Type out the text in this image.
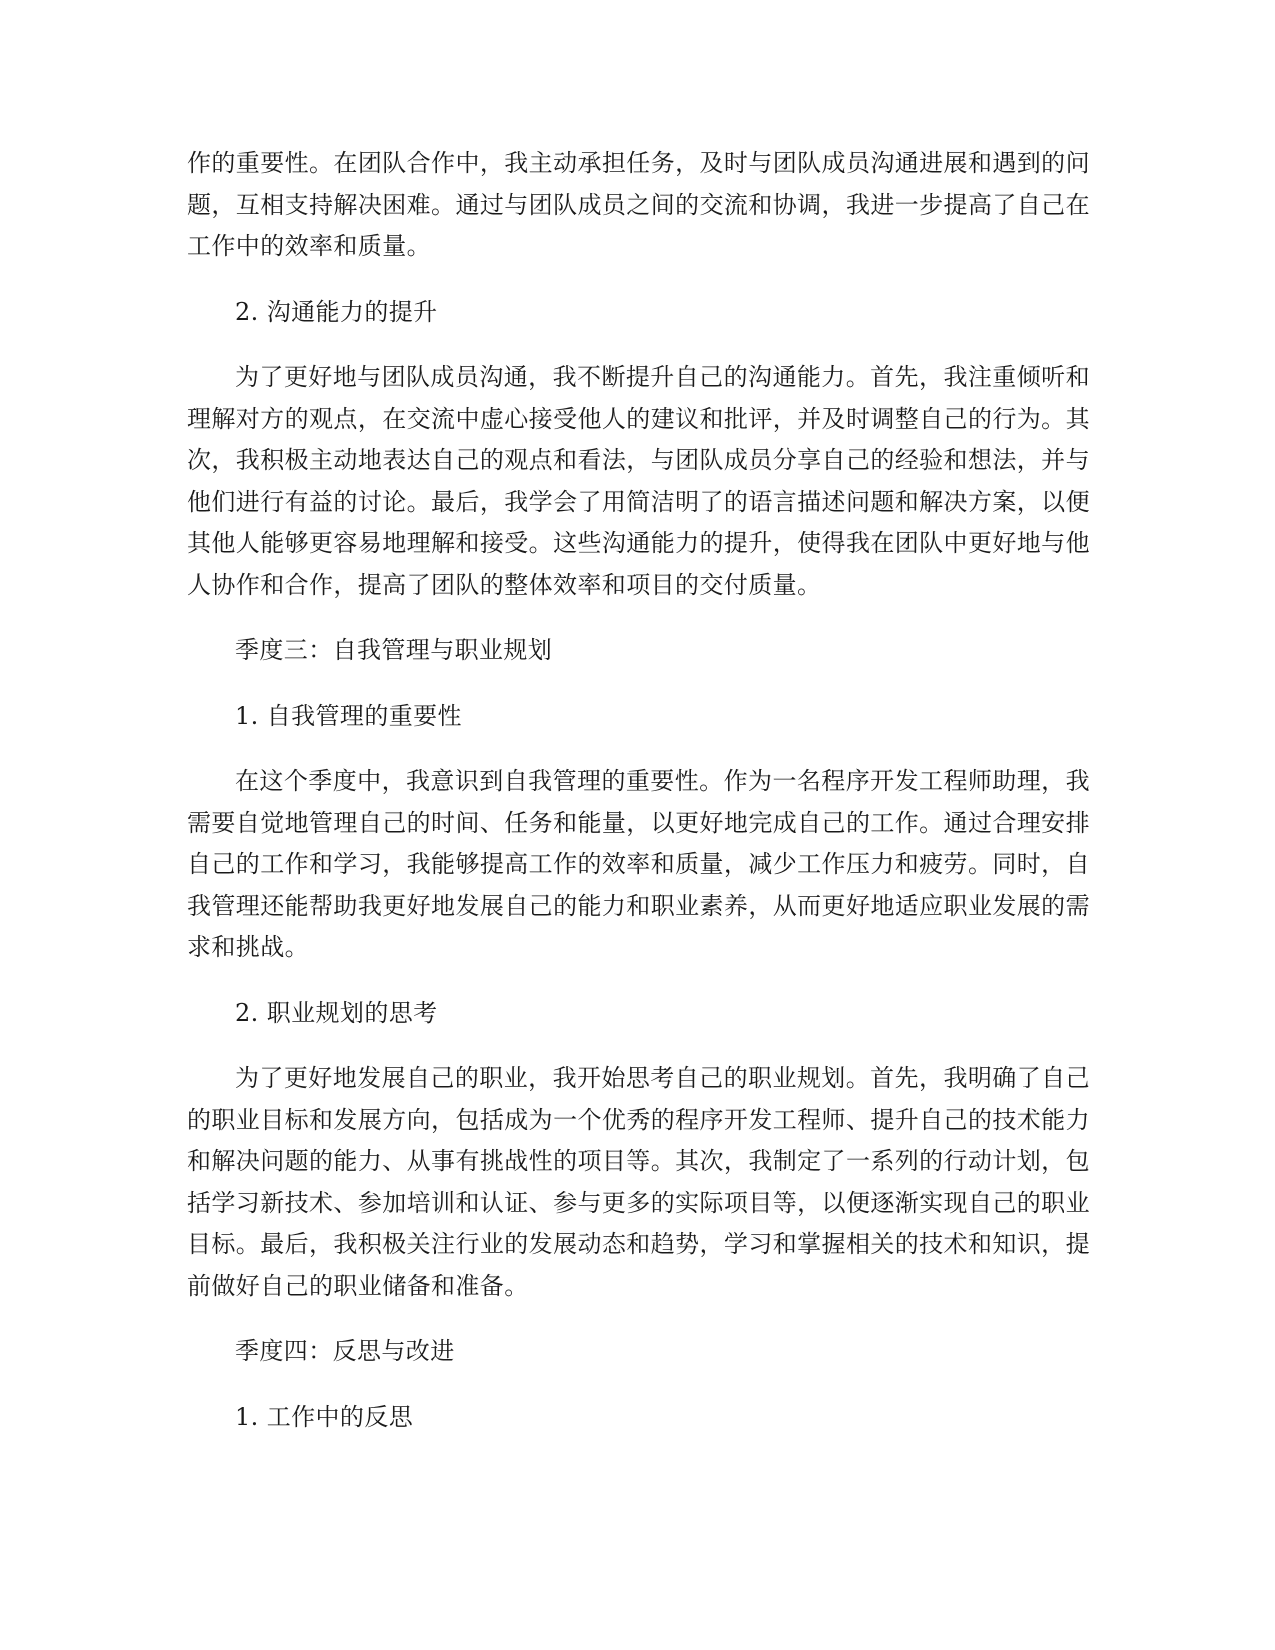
作的重要性。在团队合作中，我主动承担任务，及时与团队成员沟通进展和遇到的问题，互相支持解决困难。通过与团队成员之间的交流和协调，我进一步提高了自己在工作中的效率和质量。

2. 沟通能力的提升

为了更好地与团队成员沟通，我不断提升自己的沟通能力。首先，我注重倾听和理解对方的观点，在交流中虚心接受他人的建议和批评，并及时调整自己的行为。其次，我积极主动地表达自己的观点和看法，与团队成员分享自己的经验和想法，并与他们进行有益的讨论。最后，我学会了用简洁明了的语言描述问题和解决方案，以便其他人能够更容易地理解和接受。这些沟通能力的提升，使得我在团队中更好地与他人协作和合作，提高了团队的整体效率和项目的交付质量。

季度三：自我管理与职业规划

1. 自我管理的重要性

在这个季度中，我意识到自我管理的重要性。作为一名程序开发工程师助理，我需要自觉地管理自己的时间、任务和能量，以更好地完成自己的工作。通过合理安排自己的工作和学习，我能够提高工作的效率和质量，减少工作压力和疲劳。同时，自我管理还能帮助我更好地发展自己的能力和职业素养，从而更好地适应职业发展的需求和挑战。

2. 职业规划的思考

为了更好地发展自己的职业，我开始思考自己的职业规划。首先，我明确了自己的职业目标和发展方向，包括成为一个优秀的程序开发工程师、提升自己的技术能力和解决问题的能力、从事有挑战性的项目等。其次，我制定了一系列的行动计划，包括学习新技术、参加培训和认证、参与更多的实际项目等，以便逐渐实现自己的职业目标。最后，我积极关注行业的发展动态和趋势，学习和掌握相关的技术和知识，提前做好自己的职业储备和准备。

季度四：反思与改进

1. 工作中的反思
